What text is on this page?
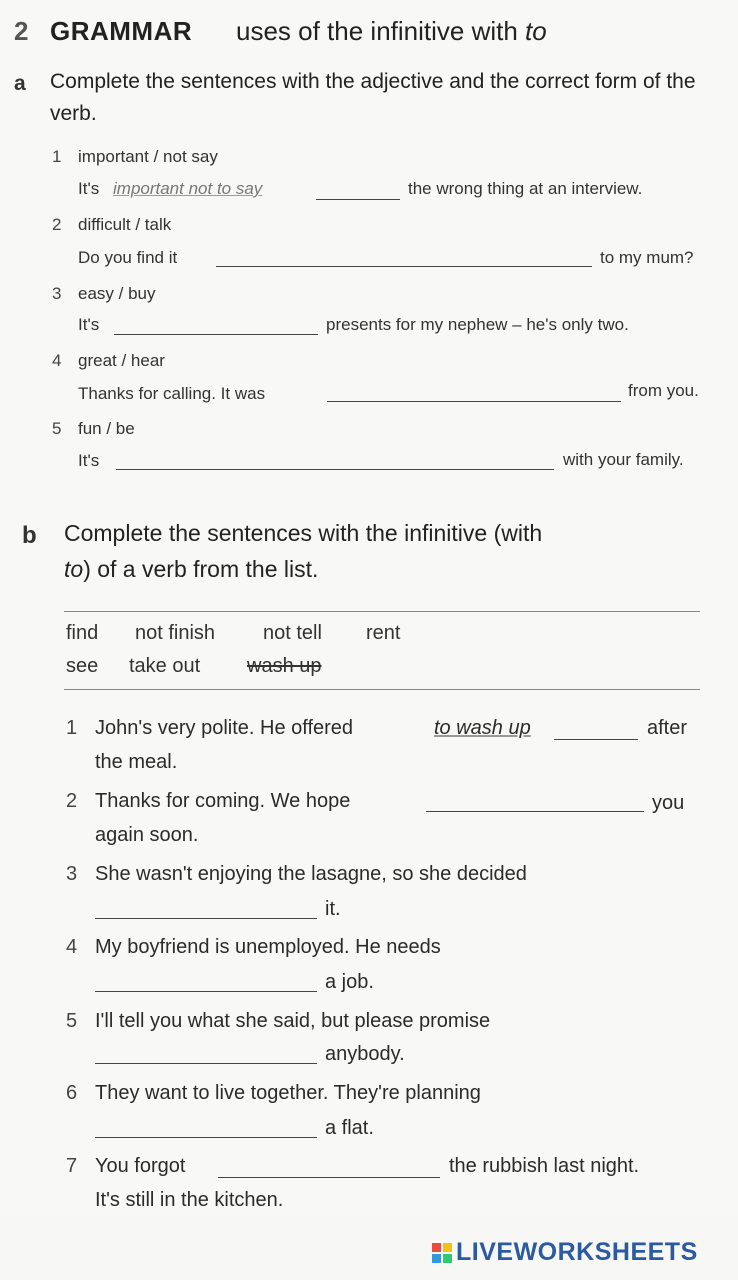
2 GRAMMAR uses of the infinitive with to
a Complete the sentences with the adjective and the correct form of the verb.
1 important / not say
It's important not to say	the wrong thing at an interview.
2 difficult / talk
Do you find it	to my mum?
3 easy / buy
It's	presents for my nephew – he's only two.
4 great / hear
Thanks for calling. It was	from you.
5 fun / be
It's	with your family.
b Complete the sentences with the infinitive (with
to) of a verb from the list.
find not finish not tell rent
see take out wash up
1 John's very polite. He offered	to wash up	after
the meal.
2 Thanks for coming. We hope	you
again soon.
3 She wasn't enjoying the lasagne, so she decided
it.
4 My boyfriend is unemployed. He needs
a job.
5 I'll tell you what she said, but please promise
anybody.
6 They want to live together. They're planning
a flat.
7 You forgot	the rubbish last night.
It's still in the kitchen.
LIVEWORKSHEETS
